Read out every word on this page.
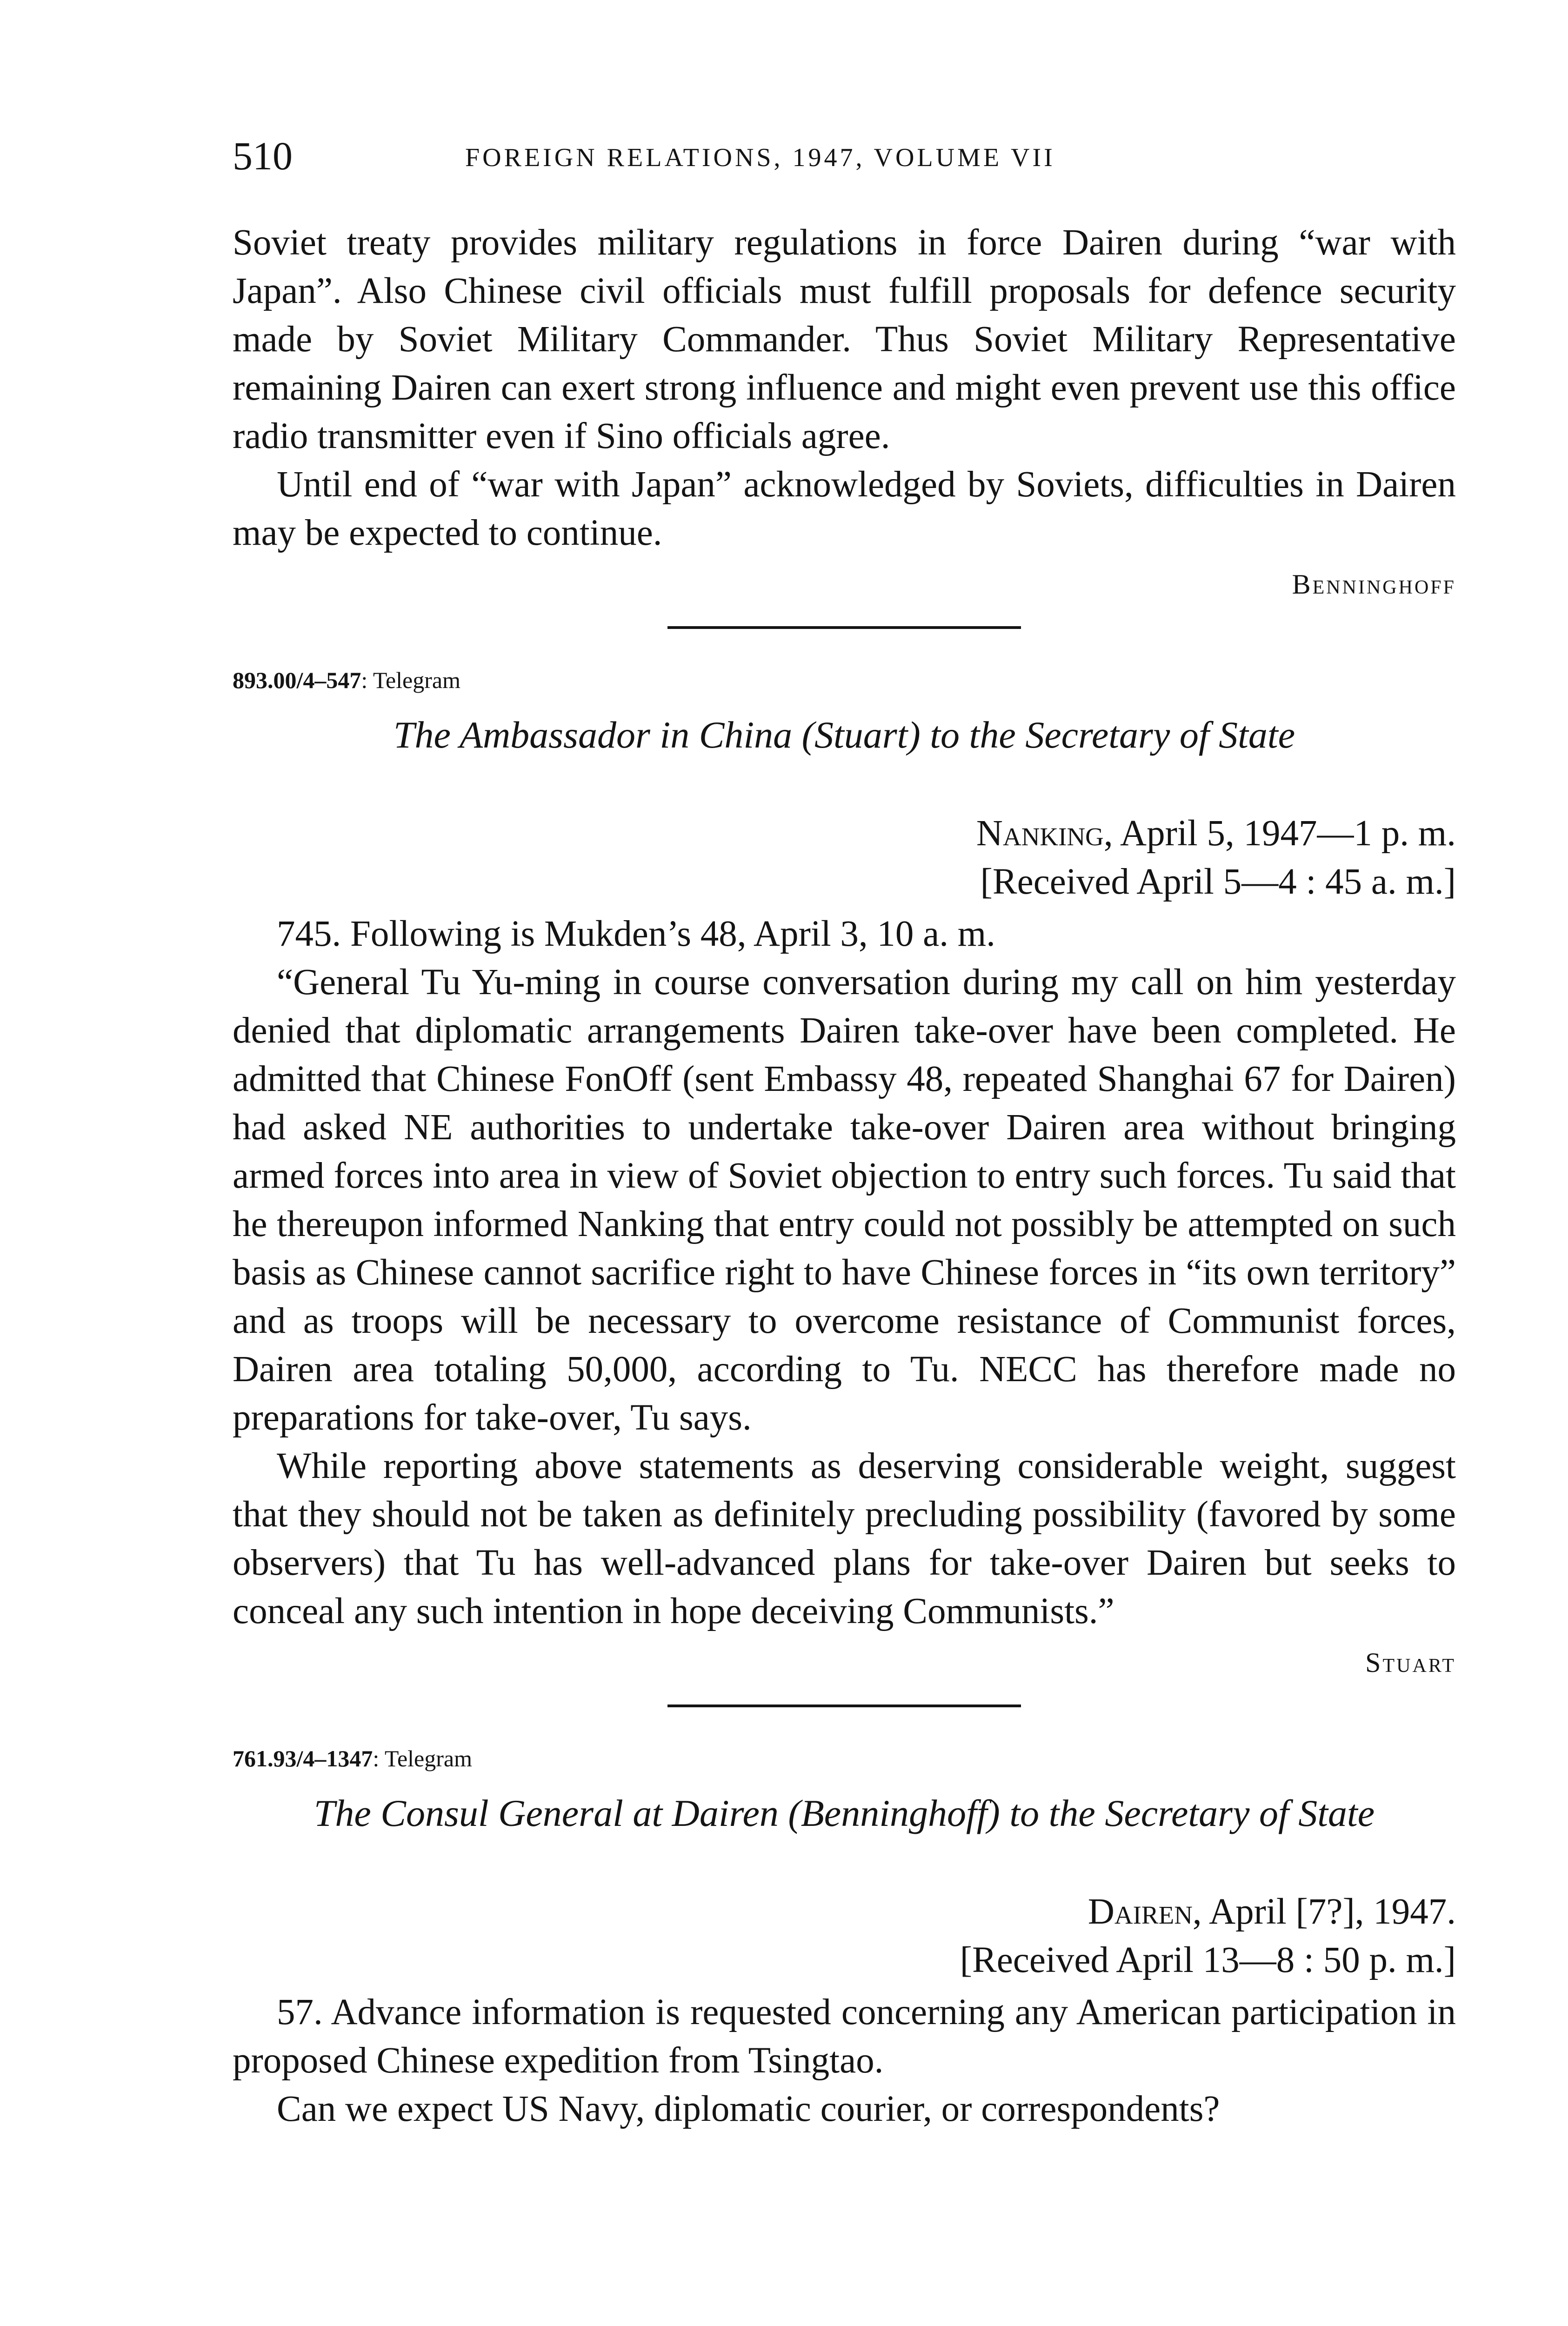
510	FOREIGN RELATIONS, 1947, VOLUME VII

Soviet treaty provides military regulations in force Dairen during “war with Japan”. Also Chinese civil officials must fulfill proposals for defence security made by Soviet Military Commander. Thus Soviet Military Representative remaining Dairen can exert strong influence and might even prevent use this office radio transmitter even if Sino officials agree.

Until end of “war with Japan” acknowledged by Soviets, difficulties in Dairen may be expected to continue.

Benninghoff
893.00/4–547: Telegram
The Ambassador in China (Stuart) to the Secretary of State
Nanking, April 5, 1947—1 p. m.
[Received April 5—4 : 45 a. m.]

745. Following is Mukden’s 48, April 3, 10 a. m.

“General Tu Yu-ming in course conversation during my call on him yesterday denied that diplomatic arrangements Dairen take-over have been completed. He admitted that Chinese FonOff (sent Embassy 48, repeated Shanghai 67 for Dairen) had asked NE authorities to undertake take-over Dairen area without bringing armed forces into area in view of Soviet objection to entry such forces. Tu said that he thereupon informed Nanking that entry could not possibly be attempted on such basis as Chinese cannot sacrifice right to have Chinese forces in “its own territory” and as troops will be necessary to overcome resistance of Communist forces, Dairen area totaling 50,000, according to Tu. NECC has therefore made no preparations for take-over, Tu says.

While reporting above statements as deserving considerable weight, suggest that they should not be taken as definitely precluding possibility (favored by some observers) that Tu has well-advanced plans for take-over Dairen but seeks to conceal any such intention in hope deceiving Communists.”

Stuart
761.93/4–1347: Telegram
The Consul General at Dairen (Benninghoff) to the Secretary of State
Dairen, April [7?], 1947.
[Received April 13—8 : 50 p. m.]

57. Advance information is requested concerning any American participation in proposed Chinese expedition from Tsingtao.

Can we expect US Navy, diplomatic courier, or correspondents?
